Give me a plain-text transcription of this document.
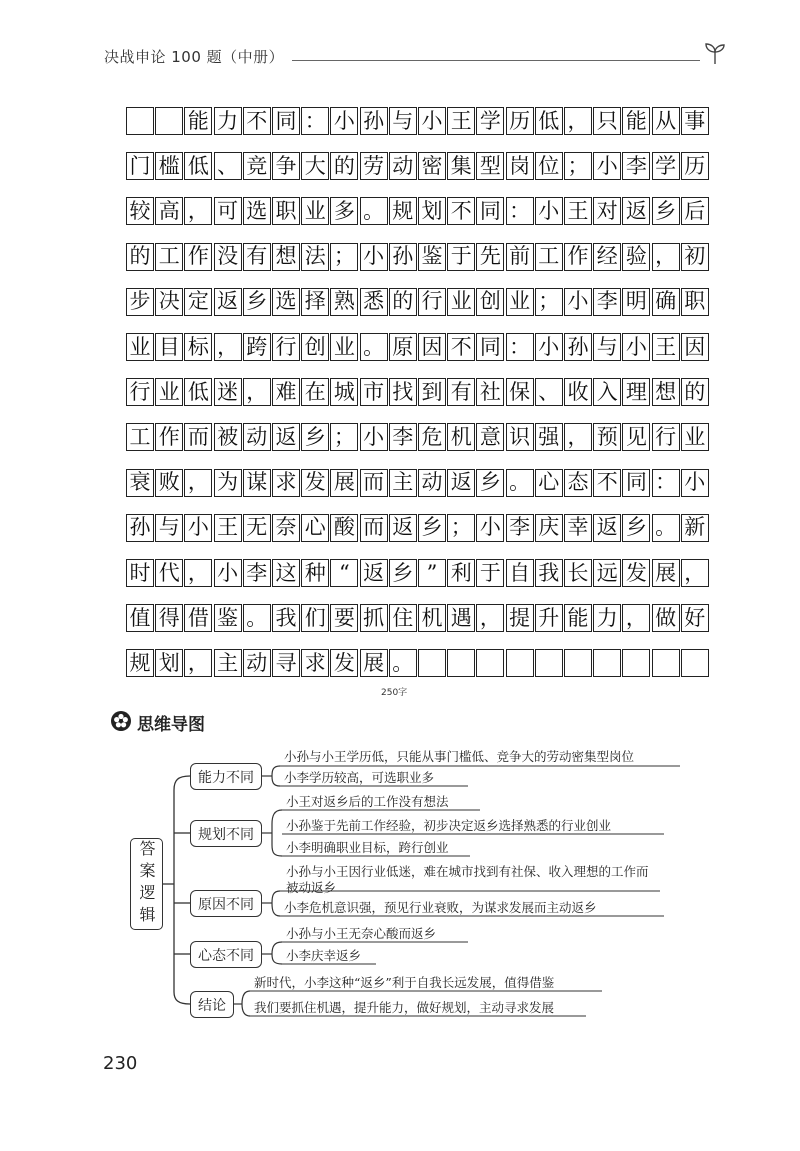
决战申论 100 题（中册）
能 力 不 同 ： 小 孙 与 小 王 学 历 低 ， 只 能 从 事
门 槛 低 、 竞 争 大 的 劳 动 密 集 型 岗 位 ； 小 李 学 历
较 高 ， 可 选 职 业 多 。 规 划 不 同 ： 小 王 对 返 乡 后
的 工 作 没 有 想 法 ； 小 孙 鉴 于 先 前 工 作 经 验 ， 初
步 决 定 返 乡 选 择 熟 悉 的 行 业 创 业 ； 小 李 明 确 职
业 目 标 ， 跨 行 创 业 。 原 因 不 同 ： 小 孙 与 小 王 因
行 业 低 迷 ， 难 在 城 市 找 到 有 社 保 、 收 入 理 想 的
工 作 而 被 动 返 乡 ； 小 李 危 机 意 识 强 ， 预 见 行 业
衰 败 ， 为 谋 求 发 展 而 主 动 返 乡 。 心 态 不 同 ： 小
孙 与 小 王 无 奈 心 酸 而 返 乡 ； 小 李 庆 幸 返 乡 。 新
时 代 ， 小 李 这 种 “ 返 乡 ” 利 于 自 我 长 远 发 展 ，
值 得 借 鉴 。 我 们 要 抓 住 机 遇 ， 提 升 能 力 ， 做 好
规 划 ， 主 动 寻 求 发 展 。
250字
思维导图
答案逻辑
能力不同
规划不同
原因不同
心态不同
结论
小孙与小王学历低，只能从事门槛低、竞争大的劳动密集型岗位
小李学历较高，可选职业多
小王对返乡后的工作没有想法
小孙鉴于先前工作经验，初步决定返乡选择熟悉的行业创业
小李明确职业目标，跨行创业
小孙与小王因行业低迷，难在城市找到有社保、收入理想的工作而被动返乡
小李危机意识强，预见行业衰败，为谋求发展而主动返乡
小孙与小王无奈心酸而返乡
小李庆幸返乡
新时代，小李这种“返乡”利于自我长远发展，值得借鉴
我们要抓住机遇，提升能力，做好规划，主动寻求发展
230
